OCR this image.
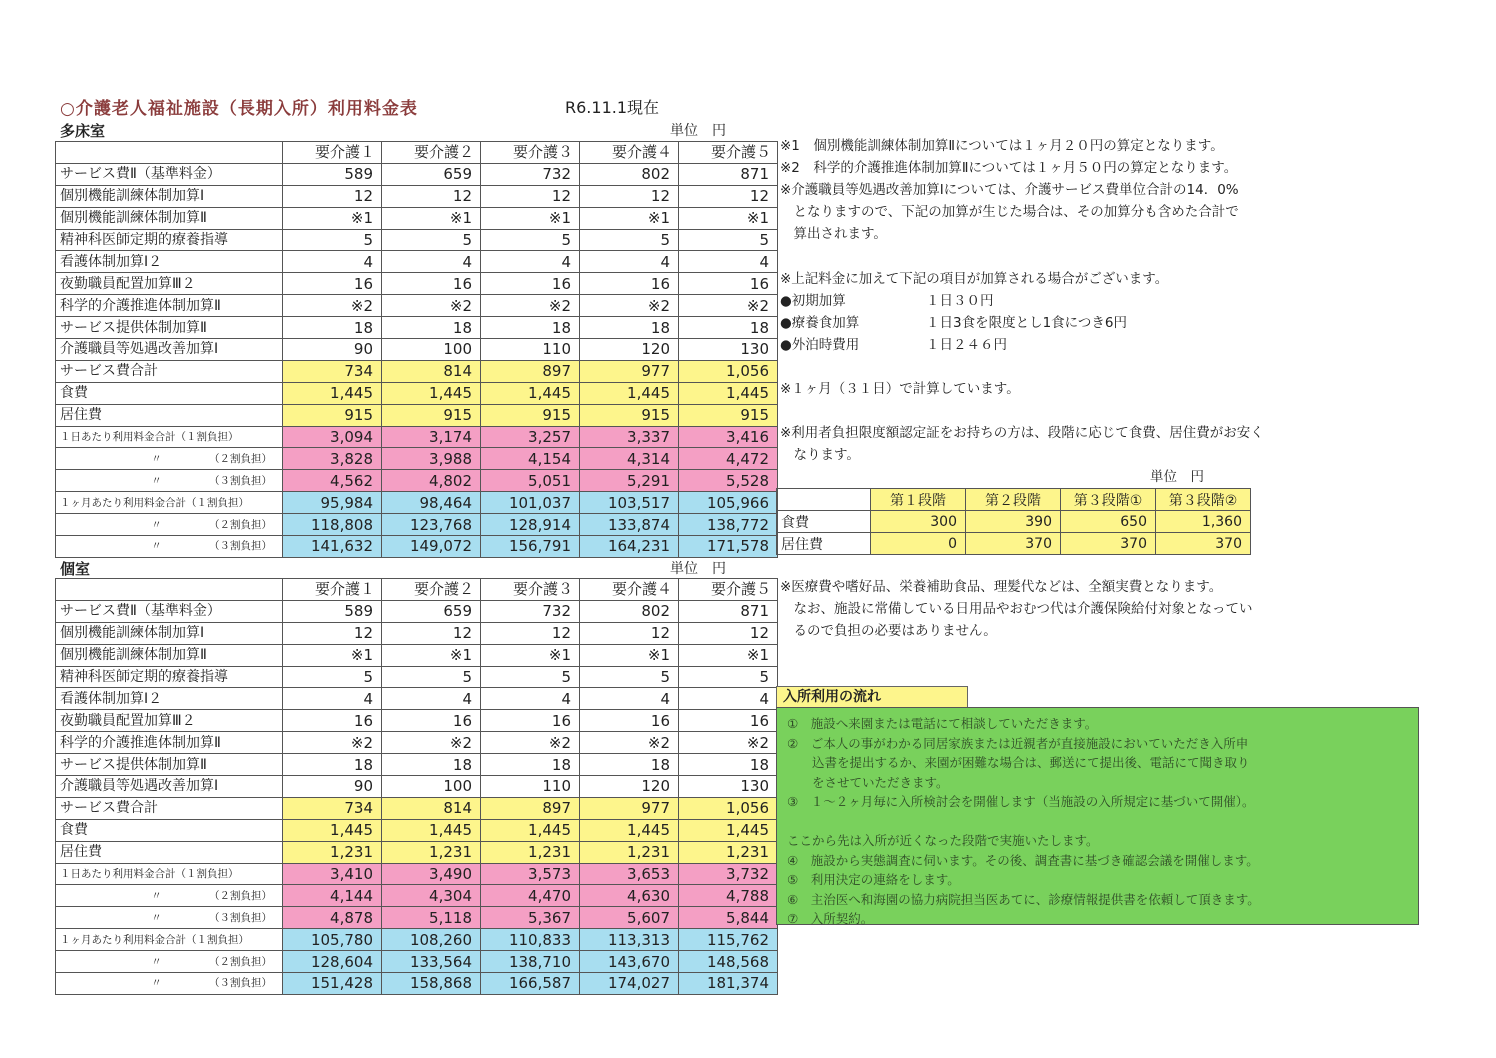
○介護老人福祉施設（長期入所）利用料金表	R6.11.1現在
多床室	単位　円
	要介護１	要介護２	要介護３	要介護４	要介護５
サービス費Ⅱ（基準料金）	589	659	732	802	871
個別機能訓練体制加算Ⅰ	12	12	12	12	12
個別機能訓練体制加算Ⅱ	※1	※1	※1	※1	※1
精神科医師定期的療養指導	5	5	5	5	5
看護体制加算Ⅰ２	4	4	4	4	4
夜勤職員配置加算Ⅲ２	16	16	16	16	16
科学的介護推進体制加算Ⅱ	※2	※2	※2	※2	※2
サービス提供体制加算Ⅱ	18	18	18	18	18
介護職員等処遇改善加算Ⅰ	90	100	110	120	130
サービス費合計	734	814	897	977	1,056
食費	1,445	1,445	1,445	1,445	1,445
居住費	915	915	915	915	915
１日あたり利用料金合計（１割負担）	3,094	3,174	3,257	3,337	3,416
〃　　　　　（２割負担）	3,828	3,988	4,154	4,314	4,472
〃　　　　　（３割負担）	4,562	4,802	5,051	5,291	5,528
１ヶ月あたり利用料金合計（１割負担）	95,984	98,464	101,037	103,517	105,966
〃　　　　　（２割負担）	118,808	123,768	128,914	133,874	138,772
〃　　　　　（３割負担）	141,632	149,072	156,791	164,231	171,578
個室	単位　円
	要介護１	要介護２	要介護３	要介護４	要介護５
サービス費Ⅱ（基準料金）	589	659	732	802	871
個別機能訓練体制加算Ⅰ	12	12	12	12	12
個別機能訓練体制加算Ⅱ	※1	※1	※1	※1	※1
精神科医師定期的療養指導	5	5	5	5	5
看護体制加算Ⅰ２	4	4	4	4	4
夜勤職員配置加算Ⅲ２	16	16	16	16	16
科学的介護推進体制加算Ⅱ	※2	※2	※2	※2	※2
サービス提供体制加算Ⅱ	18	18	18	18	18
介護職員等処遇改善加算Ⅰ	90	100	110	120	130
サービス費合計	734	814	897	977	1,056
食費	1,445	1,445	1,445	1,445	1,445
居住費	1,231	1,231	1,231	1,231	1,231
１日あたり利用料金合計（１割負担）	3,410	3,490	3,573	3,653	3,732
〃　　　　　（２割負担）	4,144	4,304	4,470	4,630	4,788
〃　　　　　（３割負担）	4,878	5,118	5,367	5,607	5,844
１ヶ月あたり利用料金合計（１割負担）	105,780	108,260	110,833	113,313	115,762
〃　　　　　（２割負担）	128,604	133,564	138,710	143,670	148,568
〃　　　　　（３割負担）	151,428	158,868	166,587	174,027	181,374
※1　個別機能訓練体制加算Ⅱについては１ヶ月２０円の算定となります。
※2　科学的介護推進体制加算Ⅱについては１ヶ月５０円の算定となります。
※介護職員等処遇改善加算Ⅰについては、介護サービス費単位合計の14．0%
　となりますので、下記の加算が生じた場合は、その加算分も含めた合計で
　算出されます。
※上記料金に加えて下記の項目が加算される場合がございます。
●初期加算	１日３０円
●療養食加算	１日3食を限度とし1食につき6円
●外泊時費用	１日２４６円
※１ヶ月（３１日）で計算しています。
※利用者負担限度額認定証をお持ちの方は、段階に応じて食費、居住費がお安く
　なります。
単位　円
	第１段階	第２段階	第３段階①	第３段階②
食費	300	390	650	1,360
居住費	0	370	370	370
※医療費や嗜好品、栄養補助食品、理髪代などは、全額実費となります。
　なお、施設に常備している日用品やおむつ代は介護保険給付対象となってい
　るので負担の必要はありません。
入所利用の流れ
①　施設へ来園または電話にて相談していただきます。
②　ご本人の事がわかる同居家族または近親者が直接施設においていただき入所申
　　込書を提出するか、来園が困難な場合は、郵送にて提出後、電話にて聞き取り
　　をさせていただきます。
③　１～２ヶ月毎に入所検討会を開催します（当施設の入所規定に基づいて開催）。
ここから先は入所が近くなった段階で実施いたします。
④　施設から実態調査に伺います。その後、調査書に基づき確認会議を開催します。
⑤　利用決定の連絡をします。
⑥　主治医へ和海園の協力病院担当医あてに、診療情報提供書を依頼して頂きます。
⑦　入所契約。
